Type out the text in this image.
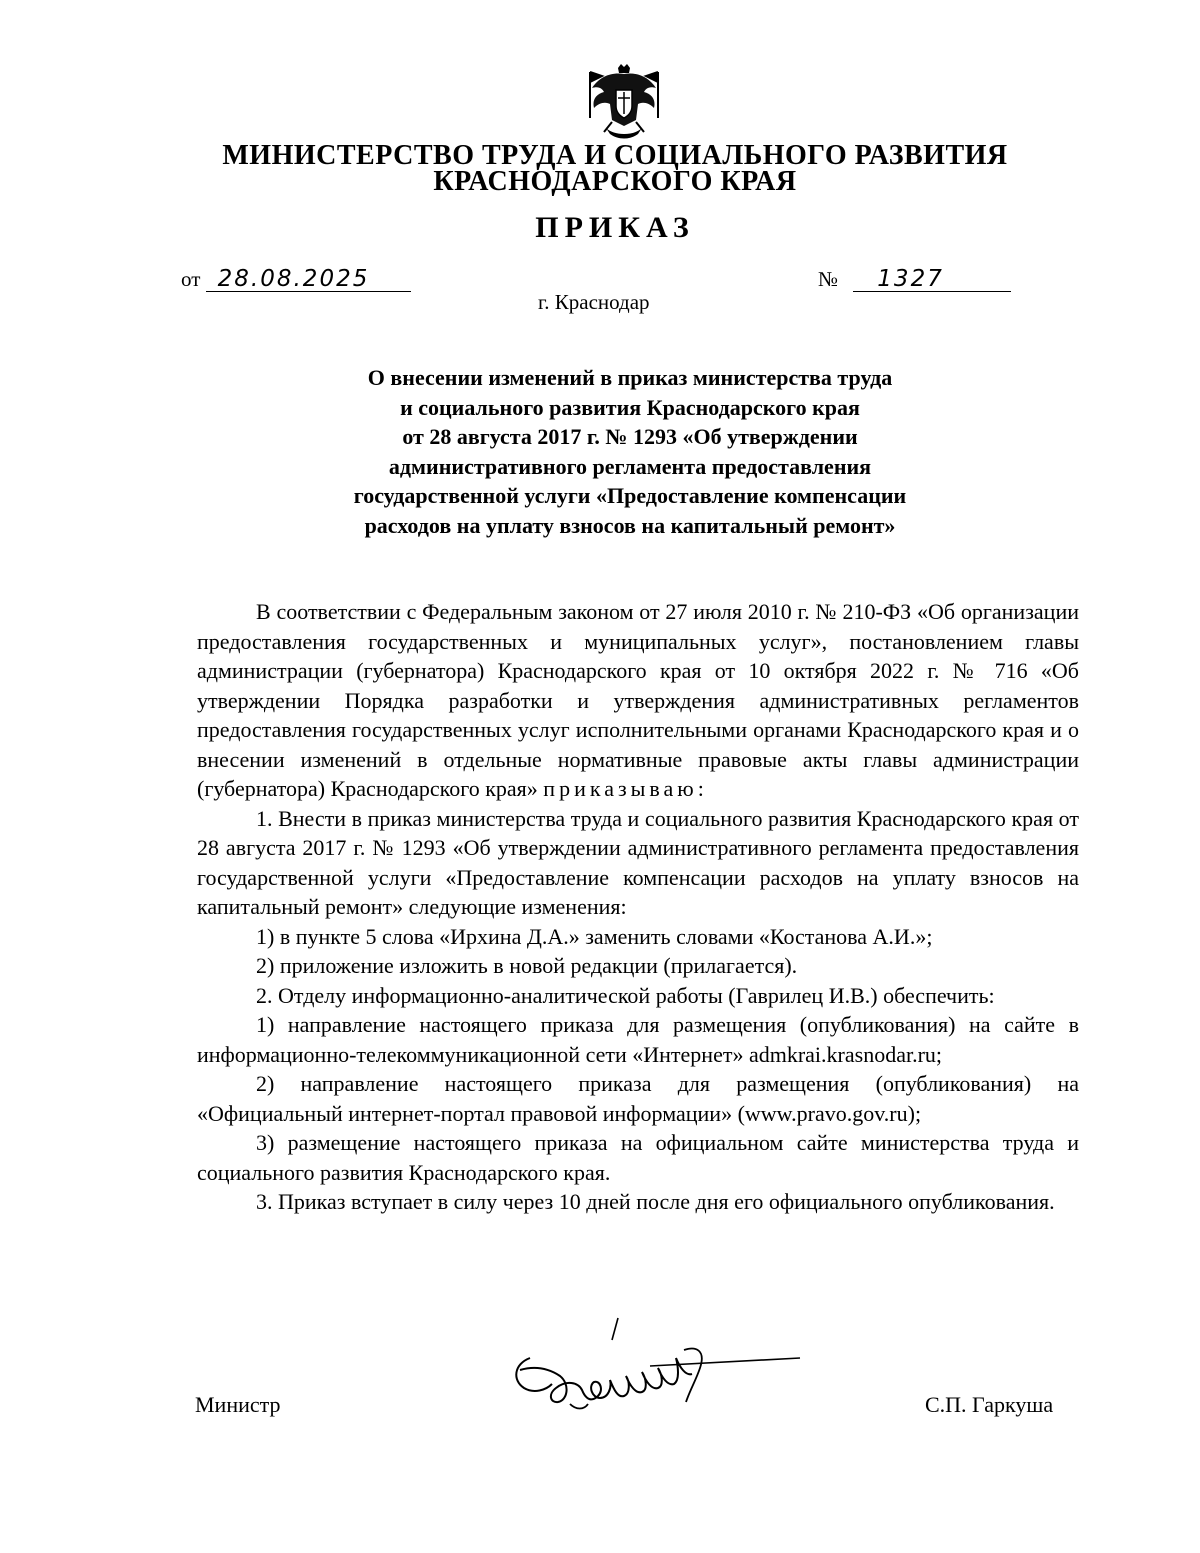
МИНИСТЕРСТВО ТРУДА И СОЦИАЛЬНОГО РАЗВИТИЯ
КРАСНОДАРСКОГО КРАЯ
ПРИКАЗ
от 28.08.2025	№ 1327
г. Краснодар
О внесении изменений в приказ министерства труда
и социального развития Краснодарского края
от 28 августа 2017 г. № 1293 «Об утверждении
административного регламента предоставления
государственной услуги «Предоставление компенсации
расходов на уплату взносов на капитальный ремонт»

В соответствии с Федеральным законом от 27 июля 2010 г. № 210-ФЗ «Об организации предоставления государственных и муниципальных услуг», постановлением главы администрации (губернатора) Краснодарского края от 10 октября 2022 г. № 716 «Об утверждении Порядка разработки и утверждения административных регламентов предоставления государственных услуг исполнительными органами Краснодарского края и о внесении изменений в отдельные нормативные правовые акты главы администрации (губернатора) Краснодарского края» приказываю:

1. Внести в приказ министерства труда и социального развития Краснодарского края от 28 августа 2017 г. № 1293 «Об утверждении административного регламента предоставления государственной услуги «Предоставление компенсации расходов на уплату взносов на капитальный ремонт» следующие изменения:

1) в пункте 5 слова «Ирхина Д.А.» заменить словами «Костанова А.И.»;

2) приложение изложить в новой редакции (прилагается).

2. Отделу информационно-аналитической работы (Гаврилец И.В.) обеспечить:

1) направление настоящего приказа для размещения (опубликования) на сайте в информационно-телекоммуникационной сети «Интернет» admkrai.krasnodar.ru;

2) направление настоящего приказа для размещения (опубликования) на «Официальный интернет-портал правовой информации» (www.pravo.gov.ru);

3) размещение настоящего приказа на официальном сайте министерства труда и социального развития Краснодарского края.

3. Приказ вступает в силу через 10 дней после дня его официального опубликования.

Министр	С.П. Гаркуша
